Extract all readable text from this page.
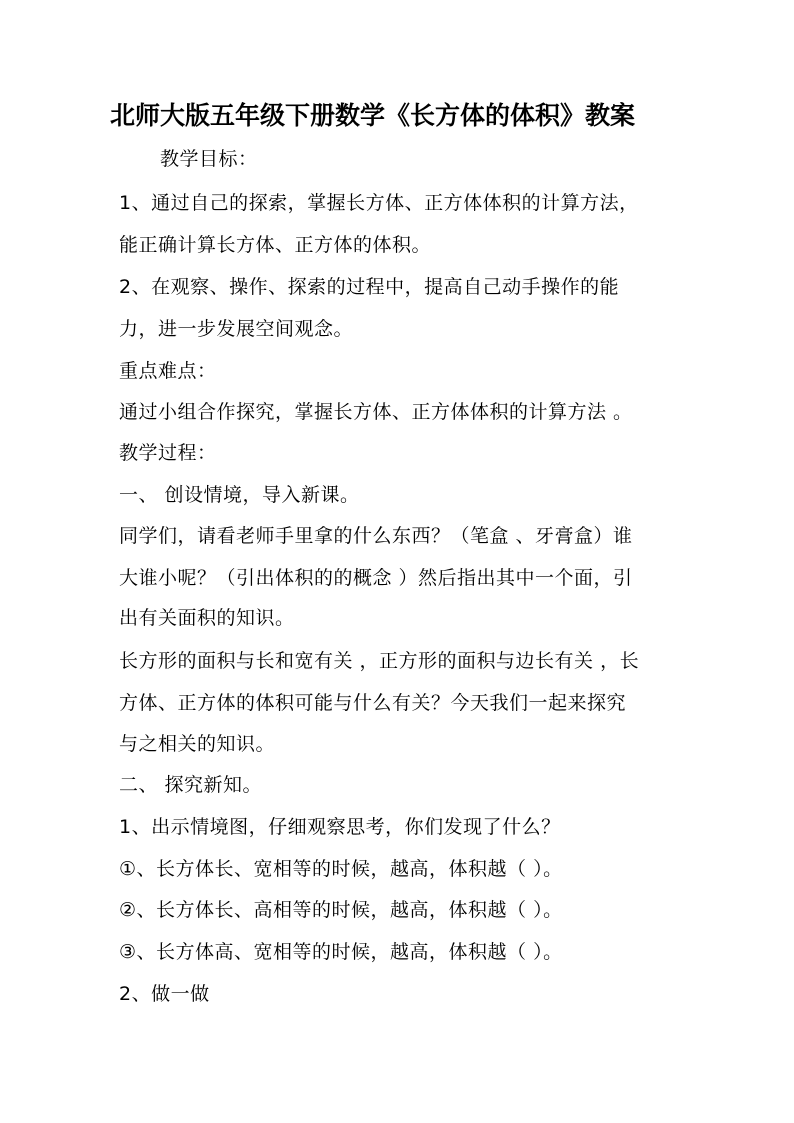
北师大版五年级下册数学《长方体的体积》教案
教学目标：
1、通过自己的探索，掌握长方体、正方体体积的计算方法，
能正确计算长方体、正方体的体积。
2、在观察、操作、探索的过程中，提高自己动手操作的能
力，进一步发展空间观念。
重点难点：
通过小组合作探究，掌握长方体、正方体体积的计算方法 。
教学过程：
一、 创设情境，导入新课。
同学们，请看老师手里拿的什么东西？（笔盒 、牙膏盒）谁
大谁小呢？（引出体积的的概念 ）然后指出其中一个面，引
出有关面积的知识。
长方形的面积与长和宽有关 ，正方形的面积与边长有关 ，长
方体、正方体的体积可能与什么有关？今天我们一起来探究
与之相关的知识。
二、 探究新知。
1、出示情境图，仔细观察思考，你们发现了什么？
①、长方体长、宽相等的时候，越高，体积越（ ）。
②、长方体长、高相等的时候，越高，体积越（ ）。
③、长方体高、宽相等的时候，越高，体积越（ ）。
2、做一做
